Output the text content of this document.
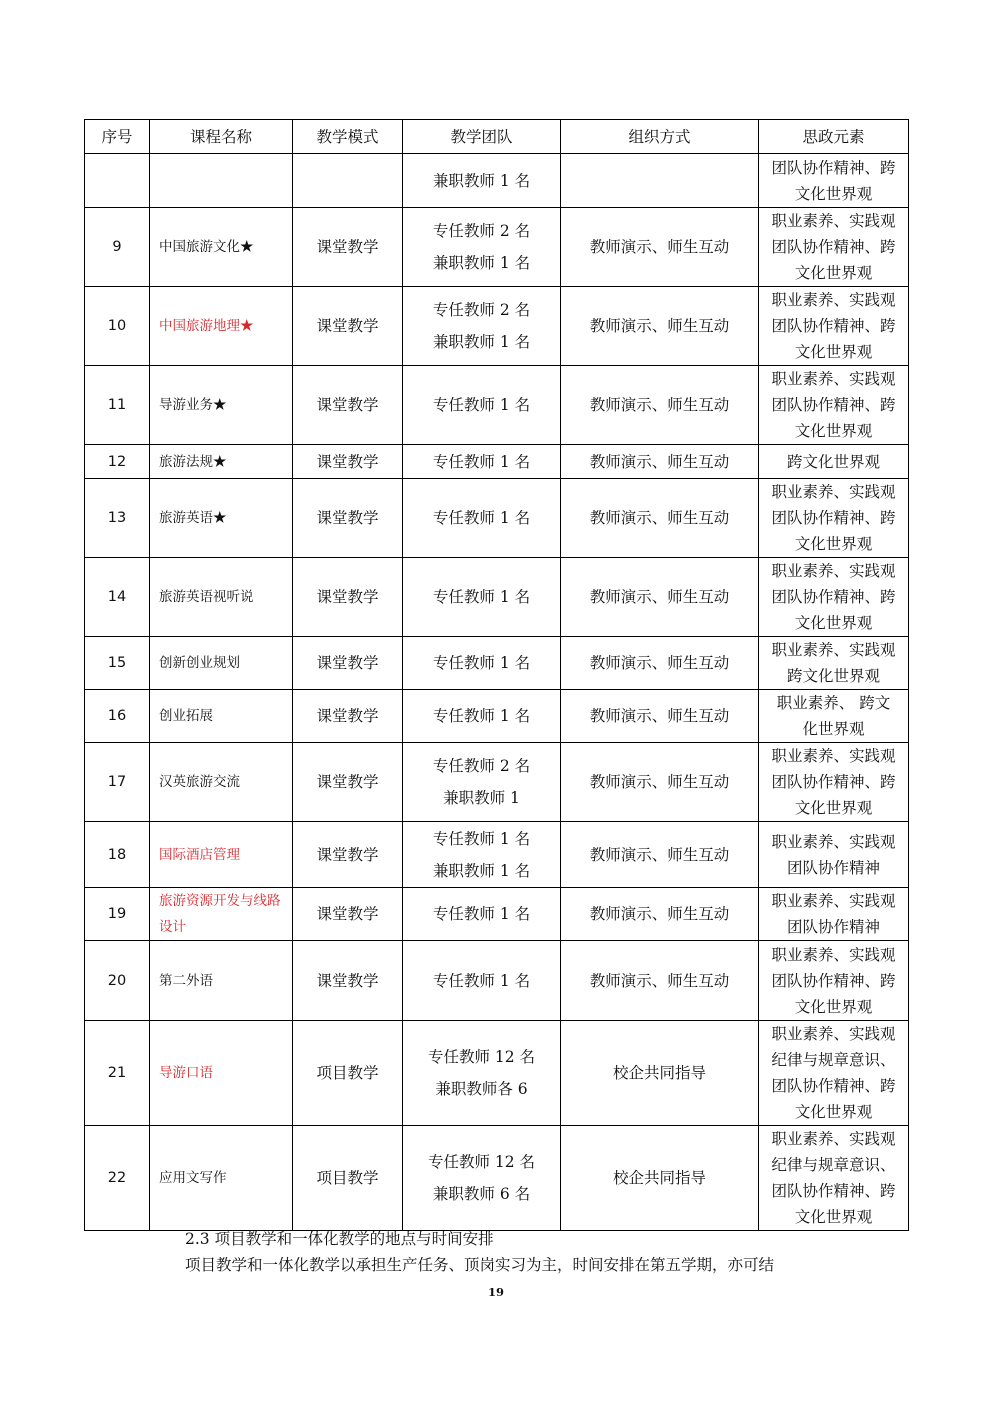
序号	课程名称	教学模式	教学团队	组织方式	思政元素

			兼职教师 1 名		团队协作精神、跨
文化世界观

9	中国旅游文化★	课堂教学	专任教师 2 名
兼职教师 1 名	教师演示、师生互动	职业素养、实践观
团队协作精神、跨
文化世界观

10	中国旅游地理★	课堂教学	专任教师 2 名
兼职教师 1 名	教师演示、师生互动	职业素养、实践观
团队协作精神、跨
文化世界观

11	导游业务★	课堂教学	专任教师 1 名	教师演示、师生互动	职业素养、实践观
团队协作精神、跨
文化世界观

12	旅游法规★	课堂教学	专任教师 1 名	教师演示、师生互动	跨文化世界观

13	旅游英语★	课堂教学	专任教师 1 名	教师演示、师生互动	职业素养、实践观
团队协作精神、跨
文化世界观

14	旅游英语视听说	课堂教学	专任教师 1 名	教师演示、师生互动	职业素养、实践观
团队协作精神、跨
文化世界观

15	创新创业规划	课堂教学	专任教师 1 名	教师演示、师生互动	职业素养、实践观
跨文化世界观

16	创业拓展	课堂教学	专任教师 1 名	教师演示、师生互动	职业素养、 跨文
化世界观

17	汉英旅游交流	课堂教学	专任教师 2 名
兼职教师 1	教师演示、师生互动	职业素养、实践观
团队协作精神、跨
文化世界观

18	国际酒店管理	课堂教学	专任教师 1 名
兼职教师 1 名	教师演示、师生互动	职业素养、实践观
团队协作精神

19	旅游资源开发与线路设计	课堂教学	专任教师 1 名	教师演示、师生互动	职业素养、实践观
团队协作精神

20	第二外语	课堂教学	专任教师 1 名	教师演示、师生互动	职业素养、实践观
团队协作精神、跨
文化世界观

21	导游口语	项目教学	专任教师 12 名
兼职教师各 6	校企共同指导	职业素养、实践观
纪律与规章意识、
团队协作精神、跨
文化世界观

22	应用文写作	项目教学	专任教师 12 名
兼职教师 6 名	校企共同指导	职业素养、实践观
纪律与规章意识、
团队协作精神、跨
文化世界观
2.3 项目教学和一体化教学的地点与时间安排
项目教学和一体化教学以承担生产任务、顶岗实习为主，时间安排在第五学期，亦可结
19
